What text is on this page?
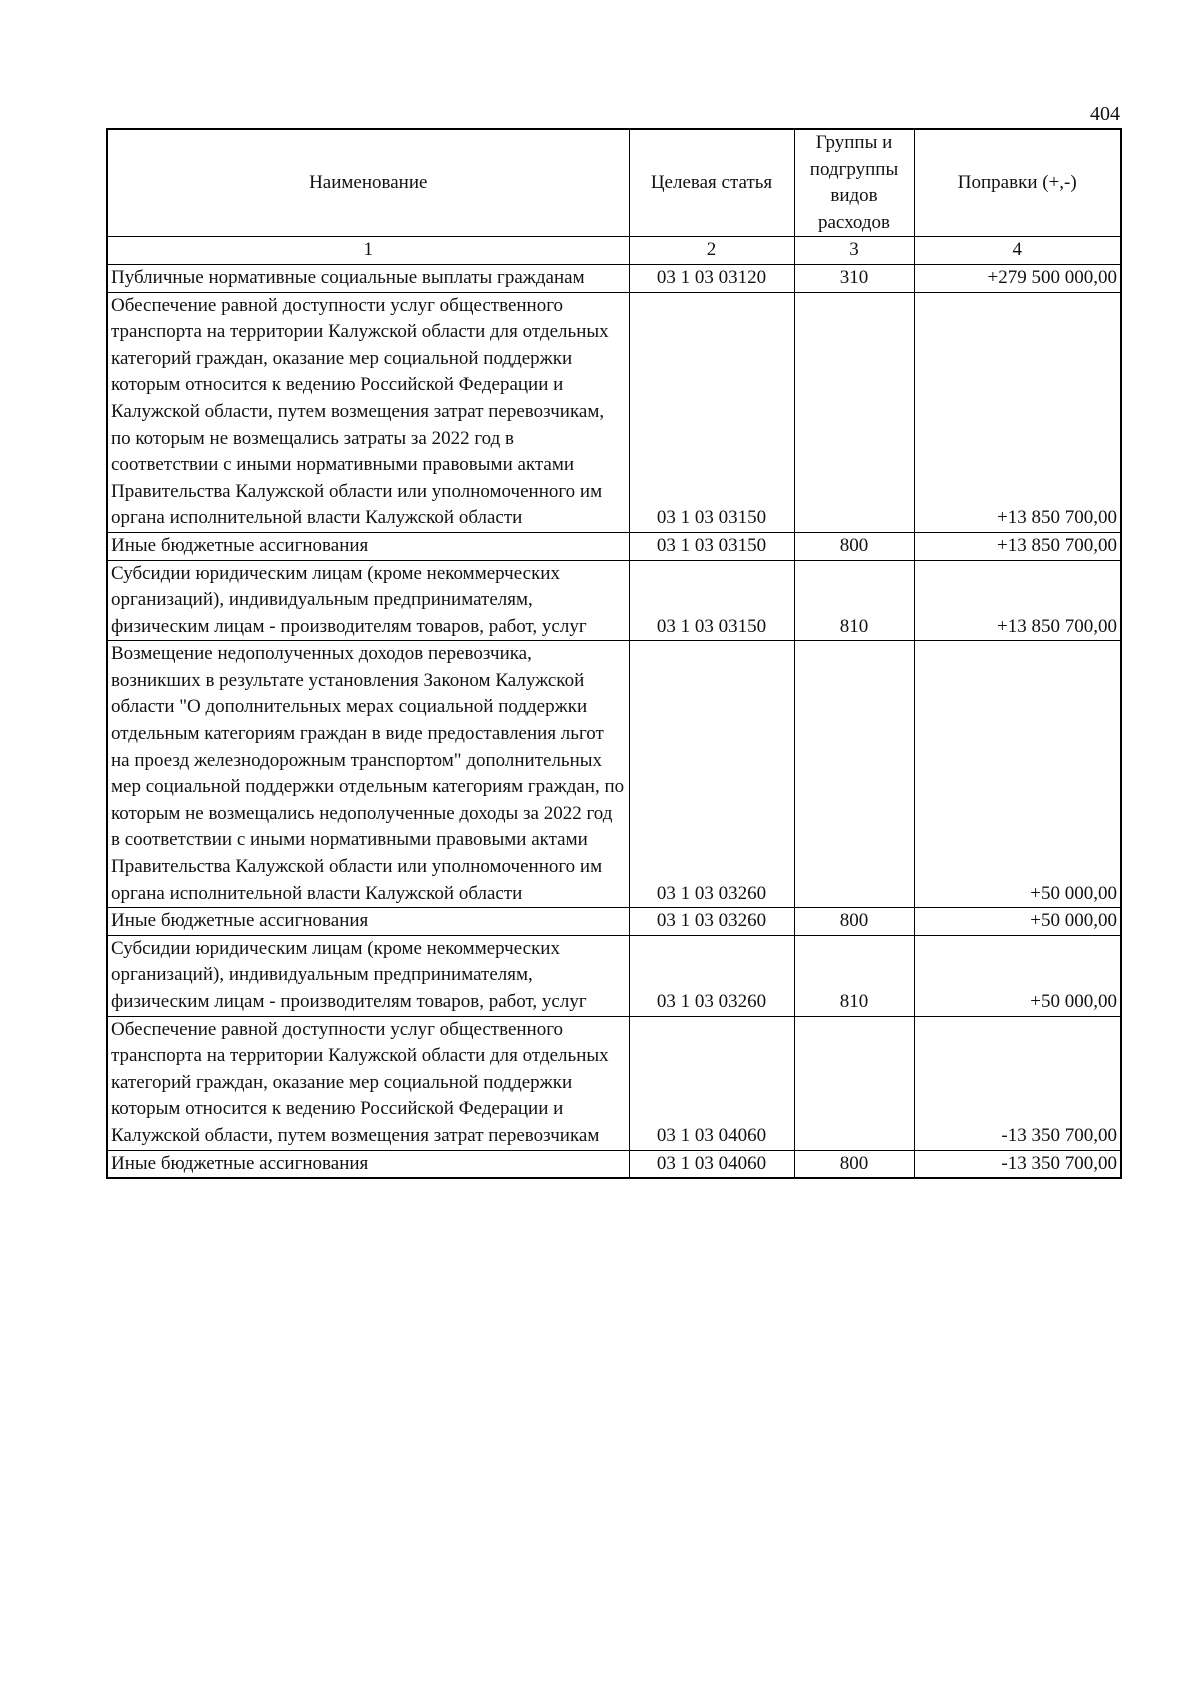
404
Наименование	Целевая статья	Группы и подгруппы видов расходов	Поправки (+,-)
1	2	3	4
Публичные нормативные социальные выплаты гражданам	03 1 03 03120	310	+279 500 000,00
Обеспечение равной доступности услуг общественного транспорта на территории Калужской области для отдельных категорий граждан, оказание мер социальной поддержки которым относится к ведению Российской Федерации и Калужской области, путем возмещения затрат перевозчикам, по которым не возмещались затраты за 2022 год в соответствии с иными нормативными правовыми актами Правительства Калужской области или уполномоченного им органа исполнительной власти Калужской области	03 1 03 03150		+13 850 700,00
Иные бюджетные ассигнования	03 1 03 03150	800	+13 850 700,00
Субсидии юридическим лицам (кроме некоммерческих организаций), индивидуальным предпринимателям, физическим лицам - производителям товаров, работ, услуг	03 1 03 03150	810	+13 850 700,00
Возмещение недополученных доходов перевозчика, возникших в результате установления Законом Калужской области "О дополнительных мерах социальной поддержки отдельным категориям граждан в виде предоставления льгот на проезд железнодорожным транспортом" дополнительных мер социальной поддержки отдельным категориям граждан, по которым не возмещались недополученные доходы за 2022 год в соответствии с иными нормативными правовыми актами Правительства Калужской области или уполномоченного им органа исполнительной власти Калужской области	03 1 03 03260		+50 000,00
Иные бюджетные ассигнования	03 1 03 03260	800	+50 000,00
Субсидии юридическим лицам (кроме некоммерческих организаций), индивидуальным предпринимателям, физическим лицам - производителям товаров, работ, услуг	03 1 03 03260	810	+50 000,00
Обеспечение равной доступности услуг общественного транспорта на территории Калужской области для отдельных категорий граждан, оказание мер социальной поддержки которым относится к ведению Российской Федерации и Калужской области, путем возмещения затрат перевозчикам	03 1 03 04060		-13 350 700,00
Иные бюджетные ассигнования	03 1 03 04060	800	-13 350 700,00
